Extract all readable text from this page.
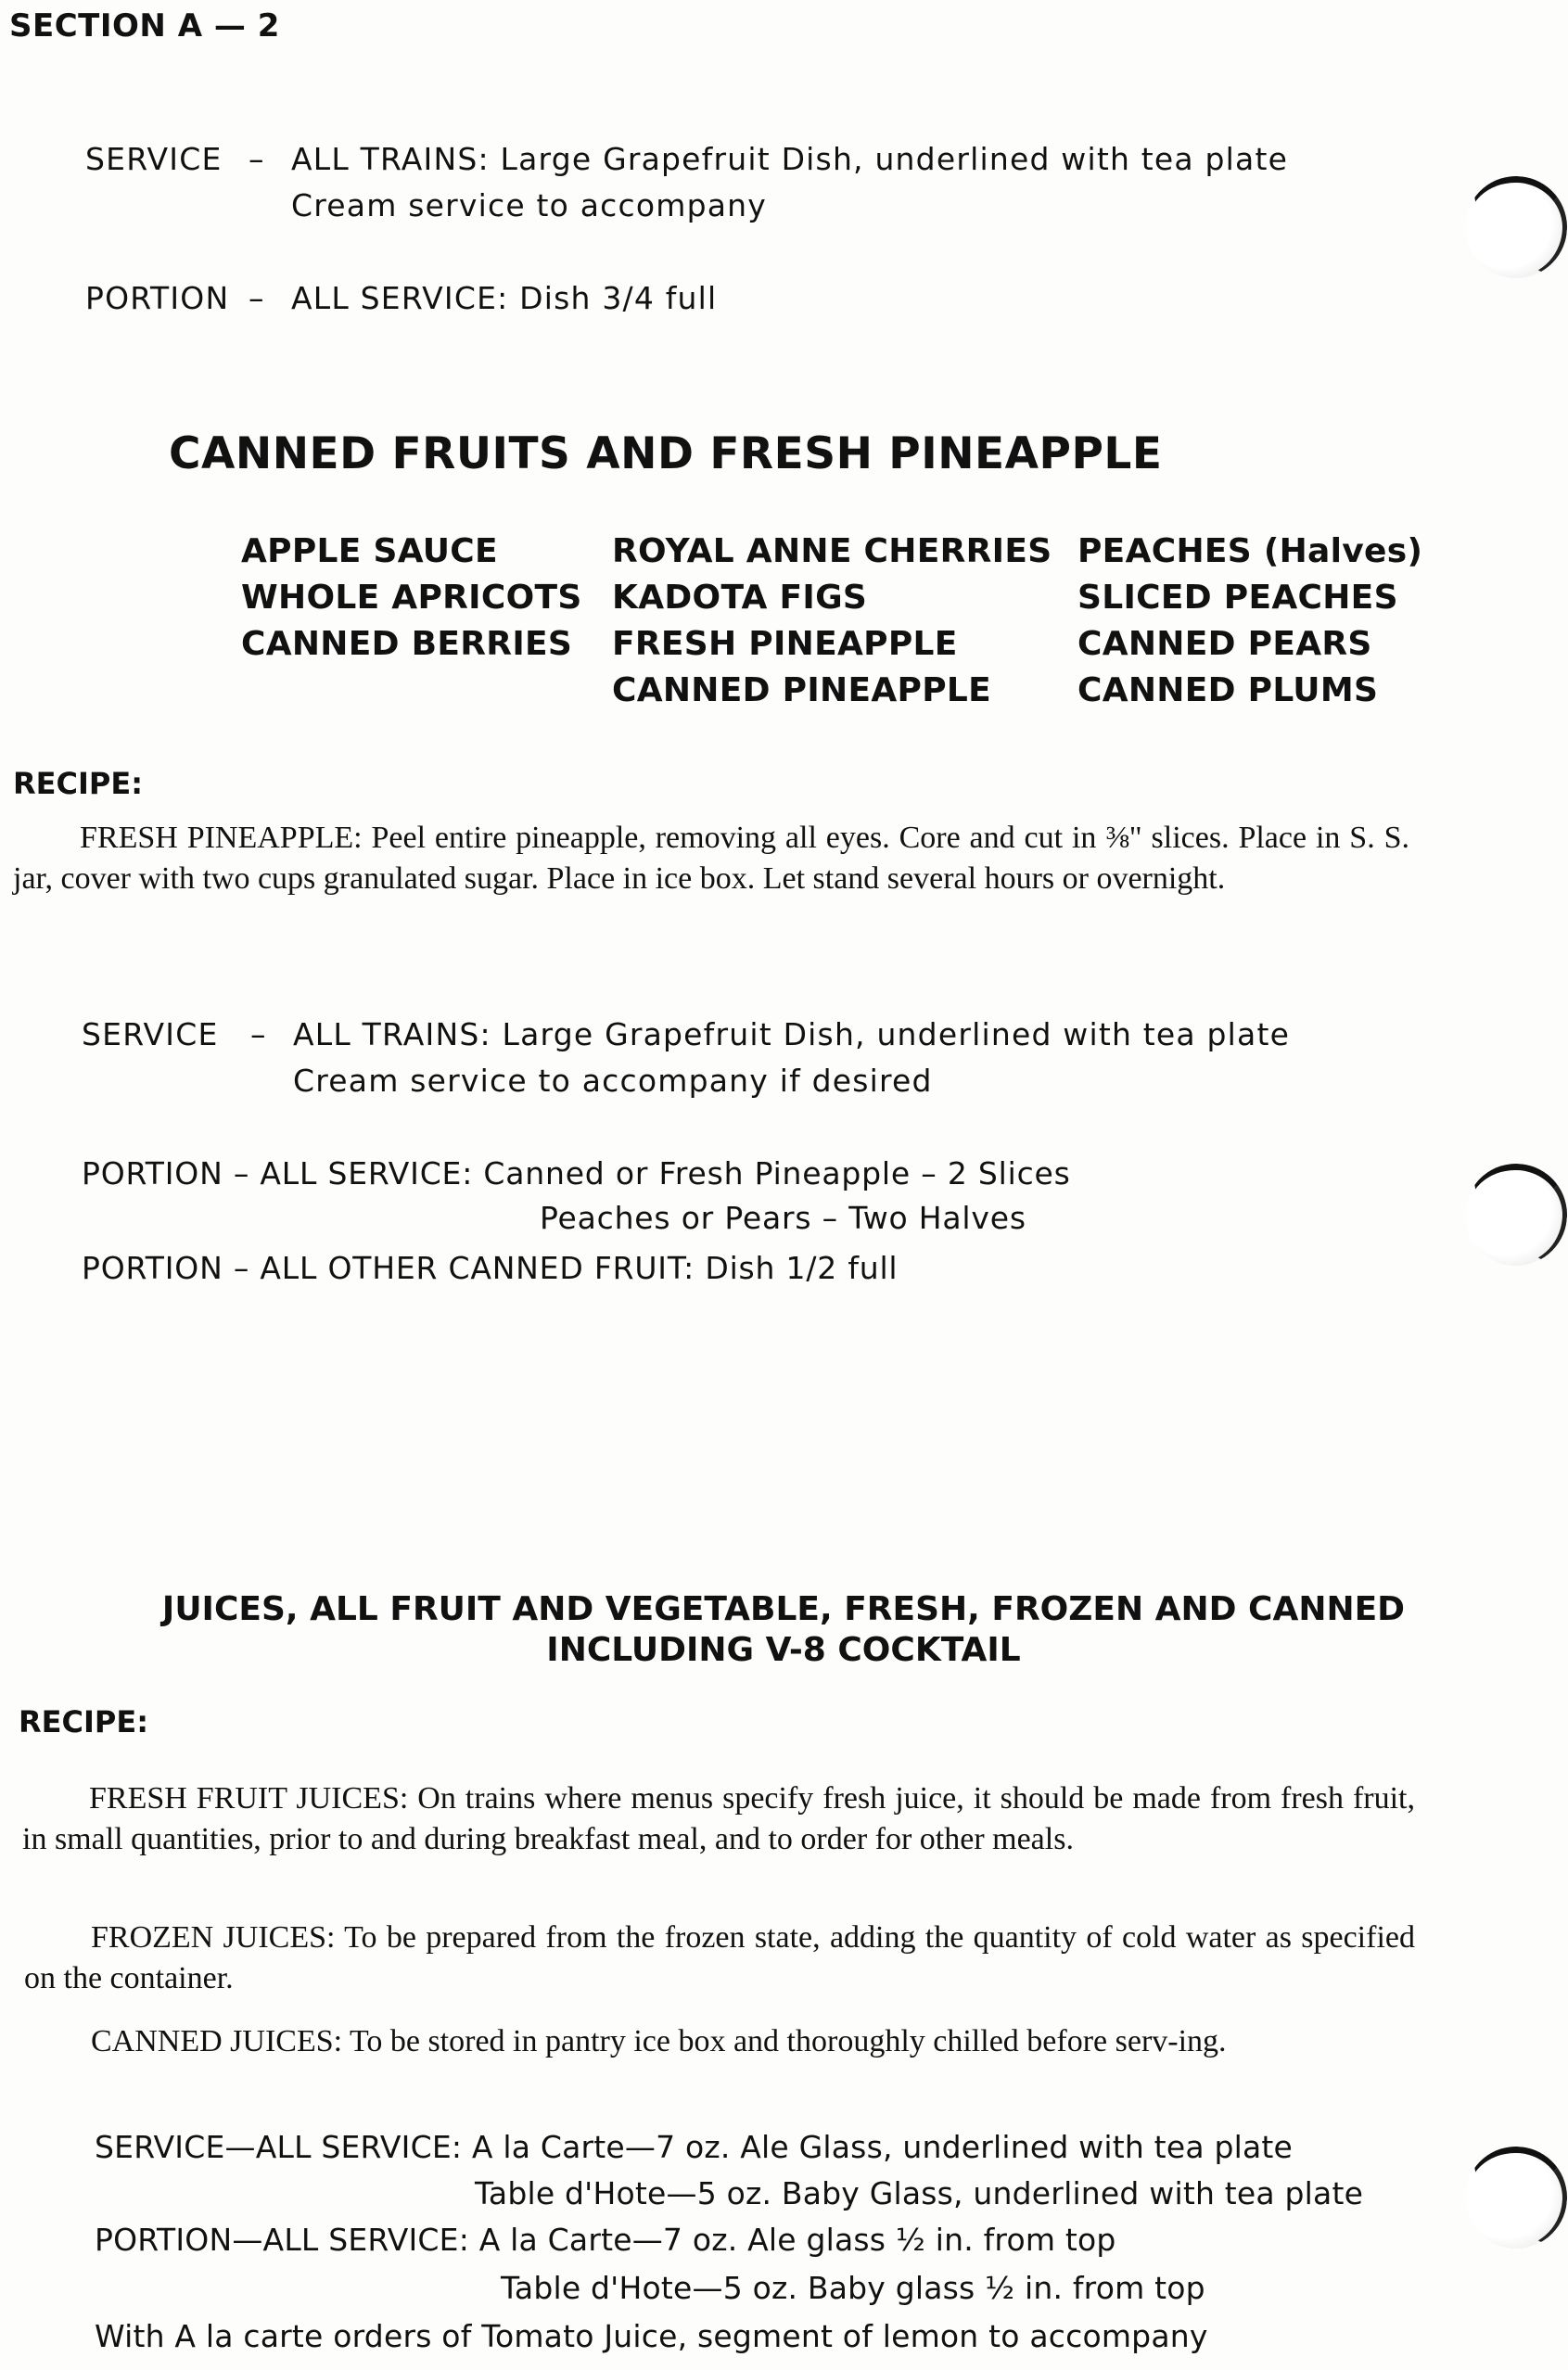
SECTION A — 2
SERVICE – ALL TRAINS: Large Grapefruit Dish, underlined with tea plate
Cream service to accompany
PORTION – ALL SERVICE: Dish 3/4 full
CANNED FRUITS AND FRESH PINEAPPLE
APPLE SAUCE
WHOLE APRICOTS
CANNED BERRIES
ROYAL ANNE CHERRIES
KADOTA FIGS
FRESH PINEAPPLE
CANNED PINEAPPLE
PEACHES (Halves)
SLICED PEACHES
CANNED PEARS
CANNED PLUMS
RECIPE:
FRESH PINEAPPLE: Peel entire pineapple, removing all eyes. Core and cut in ⅜" slices. Place in S. S. jar, cover with two cups granulated sugar. Place in ice box. Let stand several hours or overnight.
SERVICE – ALL TRAINS: Large Grapefruit Dish, underlined with tea plate
Cream service to accompany if desired
PORTION – ALL SERVICE: Canned or Fresh Pineapple – 2 Slices
Peaches or Pears – Two Halves
PORTION – ALL OTHER CANNED FRUIT: Dish 1/2 full
JUICES, ALL FRUIT AND VEGETABLE, FRESH, FROZEN AND CANNED
INCLUDING V-8 COCKTAIL
RECIPE:
FRESH FRUIT JUICES: On trains where menus specify fresh juice, it should be made from fresh fruit, in small quantities, prior to and during breakfast meal, and to order for other meals.
FROZEN JUICES: To be prepared from the frozen state, adding the quantity of cold water as specified on the container.
CANNED JUICES: To be stored in pantry ice box and thoroughly chilled before serv-ing.
SERVICE—ALL SERVICE: A la Carte—7 oz. Ale Glass, underlined with tea plate
Table d'Hote—5 oz. Baby Glass, underlined with tea plate
PORTION—ALL SERVICE: A la Carte—7 oz. Ale glass ½ in. from top
Table d'Hote—5 oz. Baby glass ½ in. from top
With A la carte orders of Tomato Juice, segment of lemon to accompany
